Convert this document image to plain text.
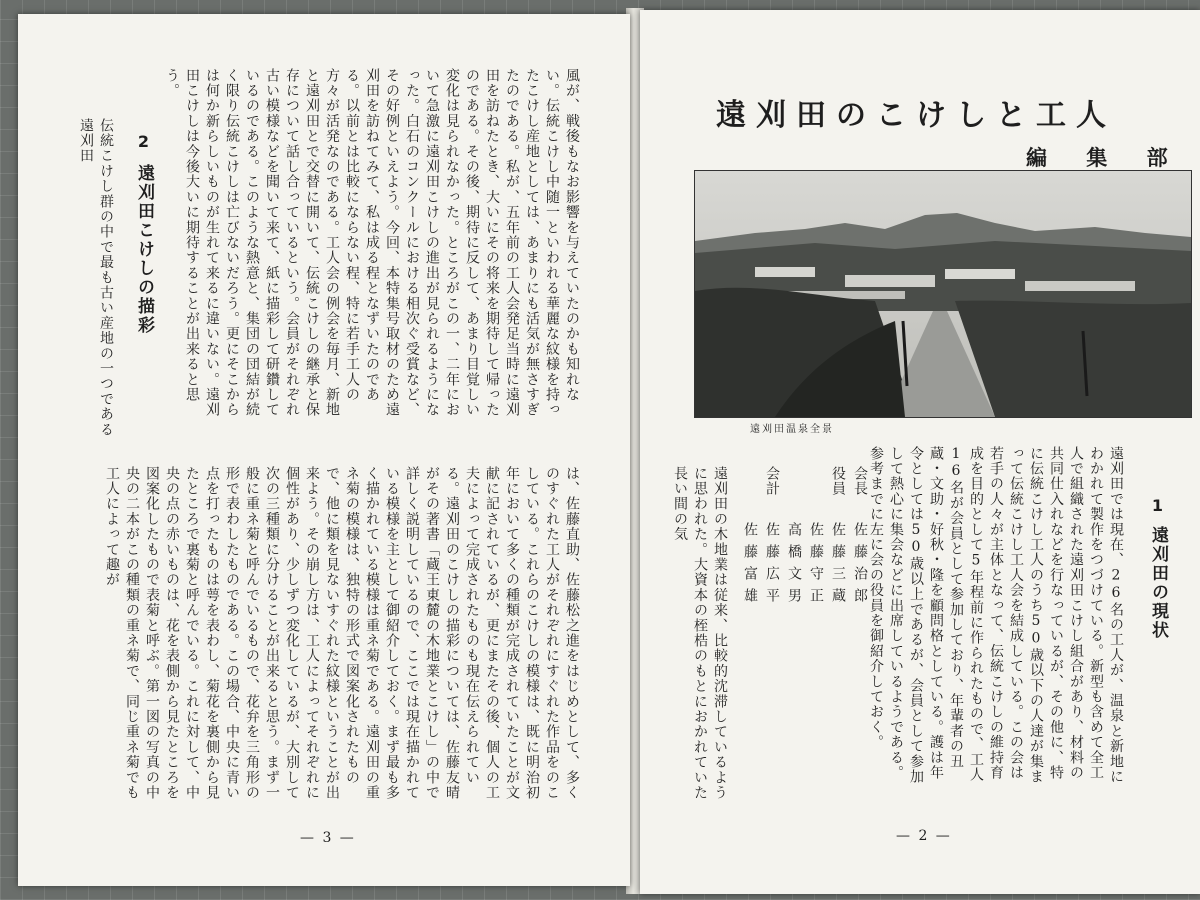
風が、戦後もなお影響を与えていたのかも知れない。伝統こけし中随一といわれる華麗な紋様を持ったこけし産地としては、あまりにも活気が無さすぎたのである。私が、五年前の工人会発足当時に遠刈田を訪ねたとき、大いにその将来を期待して帰ったのである。その後、期待に反して、あまり目覚しい変化は見られなかった。ところがこの一、二年において急激に遠刈田こけしの進出が見られるようになった。白石のコンクールにおける相次ぐ受賞など、その好例といえよう。今回、本特集号取材のため遠刈田を訪ねてみて、私は成る程となずいたのである。以前とは比較にならない程、特に若手工人の方々が活発なのである。工人会の例会を毎月、新地と遠刈田とで交替に開いて、伝統こけしの継承と保存について話し合っているという。会員がそれぞれ古い模様などを聞いて来て、紙に描彩して研鑽しているのである。このような熱意と、集団の団結が続く限り伝統こけしは亡びないだろう。更にそこからは何か新らしいものが生れて来るに違いない。遠刈田こけしは今後大いに期待することが出来ると思う。
2
遠刈田こけしの描彩
伝統こけし群の中で最も古い産地の一つである遠刈田
は、佐藤直助、佐藤松之進をはじめとして、多くのすぐれた工人がそれぞれにすぐれた作品をのこしている。これらのこけしの模様は、既に明治初年において多くの種類が完成されていたことが文献に記されているが、更にまたその後、個人の工夫によって完成されたものも現在伝えられている。遠刈田のこけしの描彩については、佐藤友晴がその著書「蔵王東麓の木地業とこけし」の中で詳しく説明しているので、ここでは現在描かれている模様を主として御紹介しておく。まず最も多く描かれている模様は重ネ菊である。遠刈田の重ネ菊の模様は、独特の形式で図案化されたもので、他に類を見ないすぐれた紋様ということが出来よう。その崩し方は、工人によってそれぞれに個性があり、少しずつ変化しているが、大別して次の三種類に分けることが出来ると思う。まず一般に重ネ菊と呼んでいるもので、花弁を三角形の形で表わしたものである。この場合、中央に青い点を打ったものは萼を表わし、菊花を裏側から見たところで裏菊と呼んでいる。これに対して、中央の点の赤いものは、花を表側から見たところを図案化したもので表菊と呼ぶ。第一図の写真の中央の二本がこの種類の重ネ菊で、同じ重ネ菊でも工人によって趣が
— 3 —
遠刈田のこけしと工人
編 集 部
遠刈田温泉全景
1
遠刈田の現状
遠刈田では現在、26名の工人が、温泉と新地にわかれて製作をつづけている。新型も含めて全工人で組織された遠刈田こけし組合があり、材料の共同仕入れなどを行なっているが、その他に、特に伝統こけし工人のうち50歳以下の人達が集まって伝統こけし工人会を結成している。この会は若手の人々が主体となって、伝統こけしの維持育成を目的として5年程前に作られたもので、工人16名が会員として参加しており、年輩者の丑蔵・文助・好秋・隆を顧問格としている。護は年令としては50歳以上であるが、会員として参加して熱心に集会などに出席しているようである。参考までに左に会の役員を御紹介しておく。
会長
佐藤治郎
役員
佐藤三蔵
佐藤守正
高橋文男
会計
佐藤広平
佐藤富雄
遠刈田の木地業は従来、比較的沈滞しているように思われた。大資本の桎梏のもとにおかれていた長い間の気
— 2 —
